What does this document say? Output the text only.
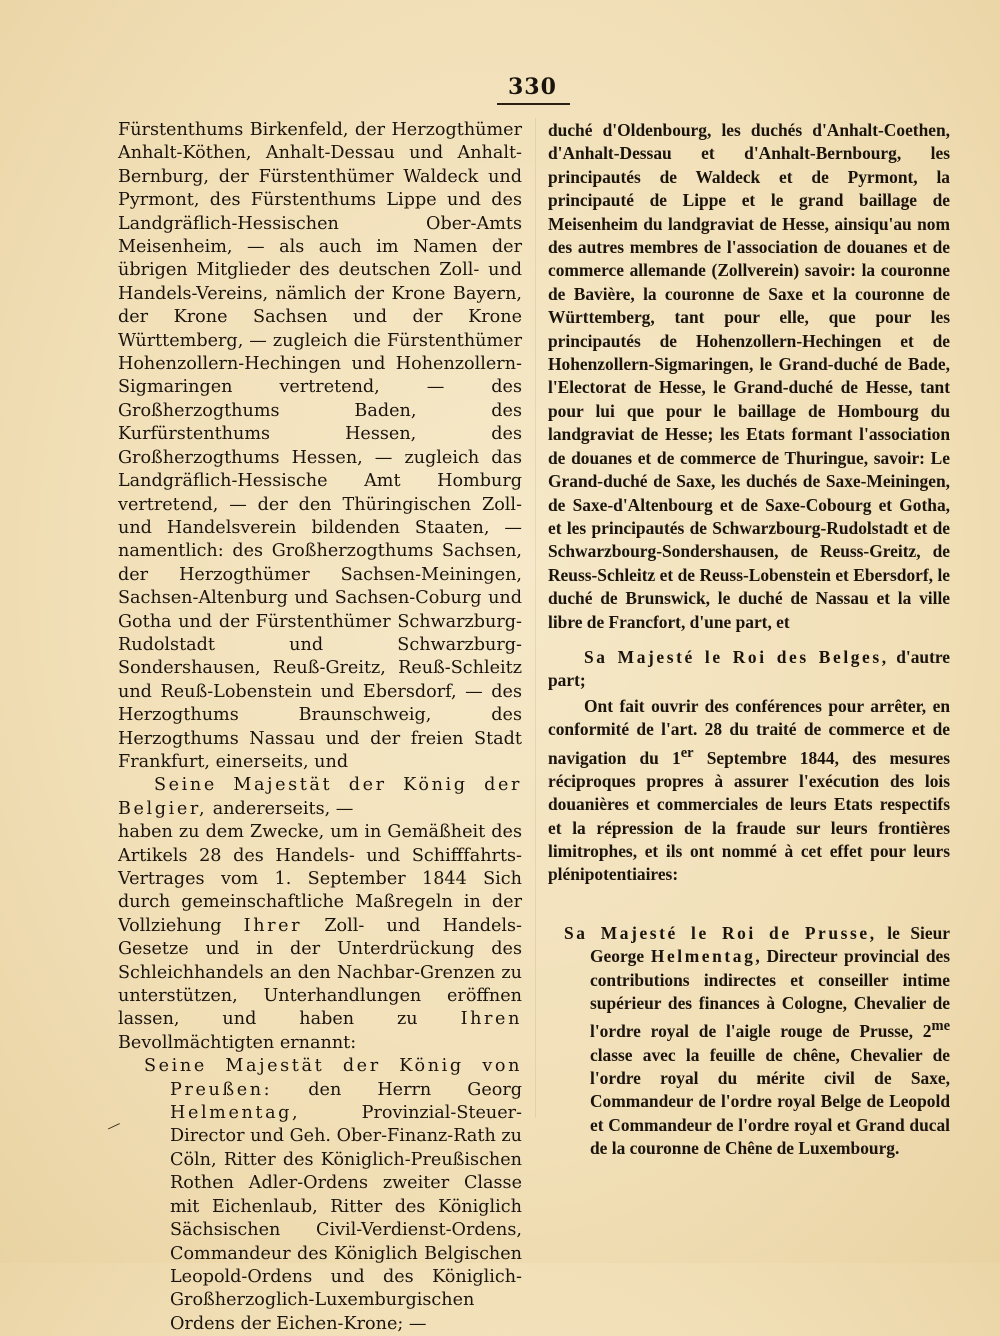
330

Fürstenthums Birkenfeld, der Herzogthümer Anhalt-Köthen, Anhalt-Dessau und Anhalt-Bernburg, der Fürstenthümer Waldeck und Pyrmont, des Fürstenthums Lippe und des Landgräflich-Hessischen Ober-Amts Meisenheim, — als auch im Namen der übrigen Mitglieder des deutschen Zoll- und Handels-Vereins, nämlich der Krone Bayern, der Krone Sachsen und der Krone Württemberg, — zugleich die Fürstenthümer Hohenzollern-Hechingen und Hohenzollern-Sigmaringen vertretend, — des Großherzogthums Baden, des Kurfürstenthums Hessen, des Großherzogthums Hessen, — zugleich das Landgräflich-Hessische Amt Homburg vertretend, — der den Thüringischen Zoll- und Handelsverein bildenden Staaten, — namentlich: des Großherzogthums Sachsen, der Herzogthümer Sachsen-Meiningen, Sachsen-Altenburg und Sachsen-Coburg und Gotha und der Fürstenthümer Schwarzburg-Rudolstadt und Schwarzburg-Sondershausen, Reuß-Greitz, Reuß-Schleitz und Reuß-Lobenstein und Ebersdorf, — des Herzogthums Braunschweig, des Herzogthums Nassau und der freien Stadt Frankfurt, einerseits, und

Seine Majestät der König der Belgier, andererseits, —

haben zu dem Zwecke, um in Gemäßheit des Artikels 28 des Handels- und Schifffahrts-Vertrages vom 1. September 1844 Sich durch gemeinschaftliche Maßregeln in der Vollziehung Ihrer Zoll- und Handels-Gesetze und in der Unterdrückung des Schleichhandels an den Nachbar-Grenzen zu unterstützen, Unterhandlungen eröffnen lassen, und haben zu Ihren Bevollmächtigten ernannt:

Seine Majestät der König von Preußen: den Herrn Georg Helmentag, Provinzial-Steuer-Director und Geh. Ober-Finanz-Rath zu Cöln, Ritter des Königlich-Preußischen Rothen Adler-Ordens zweiter Classe mit Eichenlaub, Ritter des Königlich Sächsischen Civil-Verdienst-Ordens, Commandeur des Königlich Belgischen Leopold-Ordens und des Königlich-Großherzoglich-Luxemburgischen Ordens der Eichen-Krone; —

duché d'Oldenbourg, les duchés d'Anhalt-Coethen, d'Anhalt-Dessau et d'Anhalt-Bernbourg, les principautés de Waldeck et de Pyrmont, la principauté de Lippe et le grand baillage de Meisenheim du landgraviat de Hesse, ainsiqu'au nom des autres membres de l'association de douanes et de commerce allemande (Zollverein) savoir: la couronne de Bavière, la couronne de Saxe et la couronne de Württemberg, tant pour elle, que pour les principautés de Hohenzollern-Hechingen et de Hohenzollern-Sigmaringen, le Grand-duché de Bade, l'Electorat de Hesse, le Grand-duché de Hesse, tant pour lui que pour le baillage de Hombourg du landgraviat de Hesse; les Etats formant l'association de douanes et de commerce de Thuringue, savoir: Le Grand-duché de Saxe, les duchés de Saxe-Meiningen, de Saxe-d'Altenbourg et de Saxe-Cobourg et Gotha, et les principautés de Schwarzbourg-Rudolstadt et de Schwarzbourg-Sondershausen, de Reuss-Greitz, de Reuss-Schleitz et de Reuss-Lobenstein et Ebersdorf, le duché de Brunswick, le duché de Nassau et la ville libre de Francfort, d'une part, et

Sa Majesté le Roi des Belges, d'autre part;

Ont fait ouvrir des conférences pour arrêter, en conformité de l'art. 28 du traité de commerce et de navigation du 1er Septembre 1844, des mesures réciproques propres à assurer l'exécution des lois douanières et commerciales de leurs Etats respectifs et la répression de la fraude sur leurs frontières limitrophes, et ils ont nommé à cet effet pour leurs plénipotentiaires:

Sa Majesté le Roi de Prusse, le Sieur George Helmentag, Directeur provincial des contributions indirectes et conseiller intime supérieur des finances à Cologne, Chevalier de l'ordre royal de l'aigle rouge de Prusse, $2^{me}$ classe avec la feuille de chêne, Chevalier de l'ordre royal du mérite civil de Saxe, Commandeur de l'ordre royal Belge de Leopold et Commandeur de l'ordre royal et Grand ducal de la couronne de Chêne de Luxembourg.

 — 
